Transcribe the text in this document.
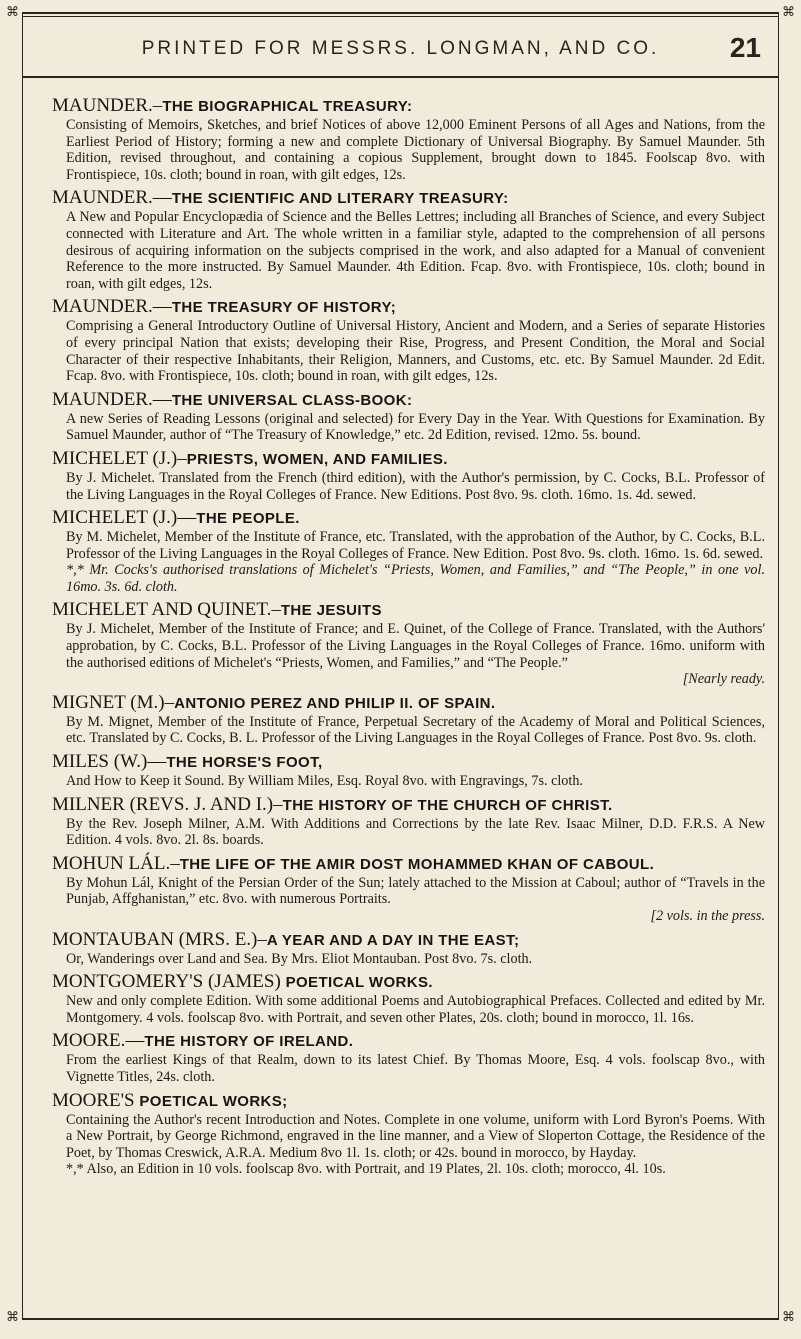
⌘	⌘
PRINTED FOR MESSRS. LONGMAN, AND CO.	21
MAUNDER.–THE BIOGRAPHICAL TREASURY:
Consisting of Memoirs, Sketches, and brief Notices of above 12,000 Eminent Persons of all Ages and Nations, from the Earliest Period of History; forming a new and complete Dictionary of Universal Biography. By Samuel Maunder. 5th Edition, revised throughout, and containing a copious Supplement, brought down to 1845. Foolscap 8vo. with Frontispiece, 10s. cloth; bound in roan, with gilt edges, 12s.
MAUNDER.—THE SCIENTIFIC AND LITERARY TREASURY:
A New and Popular Encyclopædia of Science and the Belles Lettres; including all Branches of Science, and every Subject connected with Literature and Art. The whole written in a familiar style, adapted to the comprehension of all persons desirous of acquiring information on the subjects comprised in the work, and also adapted for a Manual of convenient Reference to the more instructed. By Samuel Maunder. 4th Edition. Fcap. 8vo. with Frontispiece, 10s. cloth; bound in roan, with gilt edges, 12s.
MAUNDER.—THE TREASURY OF HISTORY;
Comprising a General Introductory Outline of Universal History, Ancient and Modern, and a Series of separate Histories of every principal Nation that exists; developing their Rise, Progress, and Present Condition, the Moral and Social Character of their respective Inhabitants, their Religion, Manners, and Customs, etc. etc. By Samuel Maunder. 2d Edit. Fcap. 8vo. with Frontispiece, 10s. cloth; bound in roan, with gilt edges, 12s.
MAUNDER.—THE UNIVERSAL CLASS-BOOK:
A new Series of Reading Lessons (original and selected) for Every Day in the Year. With Questions for Examination. By Samuel Maunder, author of “The Treasury of Knowledge,” etc. 2d Edition, revised. 12mo. 5s. bound.
MICHELET (J.)–PRIESTS, WOMEN, AND FAMILIES.
By J. Michelet. Translated from the French (third edition), with the Author's permission, by C. Cocks, B.L. Professor of the Living Languages in the Royal Colleges of France. New Editions. Post 8vo. 9s. cloth. 16mo. 1s. 4d. sewed.
MICHELET (J.)—THE PEOPLE.
By M. Michelet, Member of the Institute of France, etc. Translated, with the approbation of the Author, by C. Cocks, B.L. Professor of the Living Languages in the Royal Colleges of France. New Edition. Post 8vo. 9s. cloth. 16mo. 1s. 6d. sewed.
*,* Mr. Cocks's authorised translations of Michelet's “Priests, Women, and Families,” and “The People,” in one vol. 16mo. 3s. 6d. cloth.
MICHELET AND QUINET.–THE JESUITS
By J. Michelet, Member of the Institute of France; and E. Quinet, of the College of France. Translated, with the Authors' approbation, by C. Cocks, B.L. Professor of the Living Languages in the Royal Colleges of France. 16mo. uniform with the authorised editions of Michelet's “Priests, Women, and Families,” and “The People.”
[Nearly ready.
MIGNET (M.)–ANTONIO PEREZ AND PHILIP II. OF SPAIN.
By M. Mignet, Member of the Institute of France, Perpetual Secretary of the Academy of Moral and Political Sciences, etc. Translated by C. Cocks, B. L. Professor of the Living Languages in the Royal Colleges of France. Post 8vo. 9s. cloth.
MILES (W.)—THE HORSE'S FOOT,
And How to Keep it Sound. By William Miles, Esq. Royal 8vo. with Engravings, 7s. cloth.
MILNER (REVS. J. AND I.)–THE HISTORY OF THE CHURCH OF CHRIST.
By the Rev. Joseph Milner, A.M. With Additions and Corrections by the late Rev. Isaac Milner, D.D. F.R.S. A New Edition. 4 vols. 8vo. 2l. 8s. boards.
MOHUN LÁL.–THE LIFE OF THE AMIR DOST MOHAMMED KHAN OF CABOUL.
By Mohun Lál, Knight of the Persian Order of the Sun; lately attached to the Mission at Caboul; author of “Travels in the Punjab, Affghanistan,” etc. 8vo. with numerous Portraits.
[2 vols. in the press.
MONTAUBAN (MRS. E.)–A YEAR AND A DAY IN THE EAST;
Or, Wanderings over Land and Sea. By Mrs. Eliot Montauban. Post 8vo. 7s. cloth.
MONTGOMERY'S (JAMES) POETICAL WORKS.
New and only complete Edition. With some additional Poems and Autobiographical Prefaces. Collected and edited by Mr. Montgomery. 4 vols. foolscap 8vo. with Portrait, and seven other Plates, 20s. cloth; bound in morocco, 1l. 16s.
MOORE.—THE HISTORY OF IRELAND.
From the earliest Kings of that Realm, down to its latest Chief. By Thomas Moore, Esq. 4 vols. foolscap 8vo., with Vignette Titles, 24s. cloth.
MOORE'S POETICAL WORKS;
Containing the Author's recent Introduction and Notes. Complete in one volume, uniform with Lord Byron's Poems. With a New Portrait, by George Richmond, engraved in the line manner, and a View of Sloperton Cottage, the Residence of the Poet, by Thomas Creswick, A.R.A. Medium 8vo 1l. 1s. cloth; or 42s. bound in morocco, by Hayday.
*,* Also, an Edition in 10 vols. foolscap 8vo. with Portrait, and 19 Plates, 2l. 10s. cloth; morocco, 4l. 10s.
⌘	⌘
